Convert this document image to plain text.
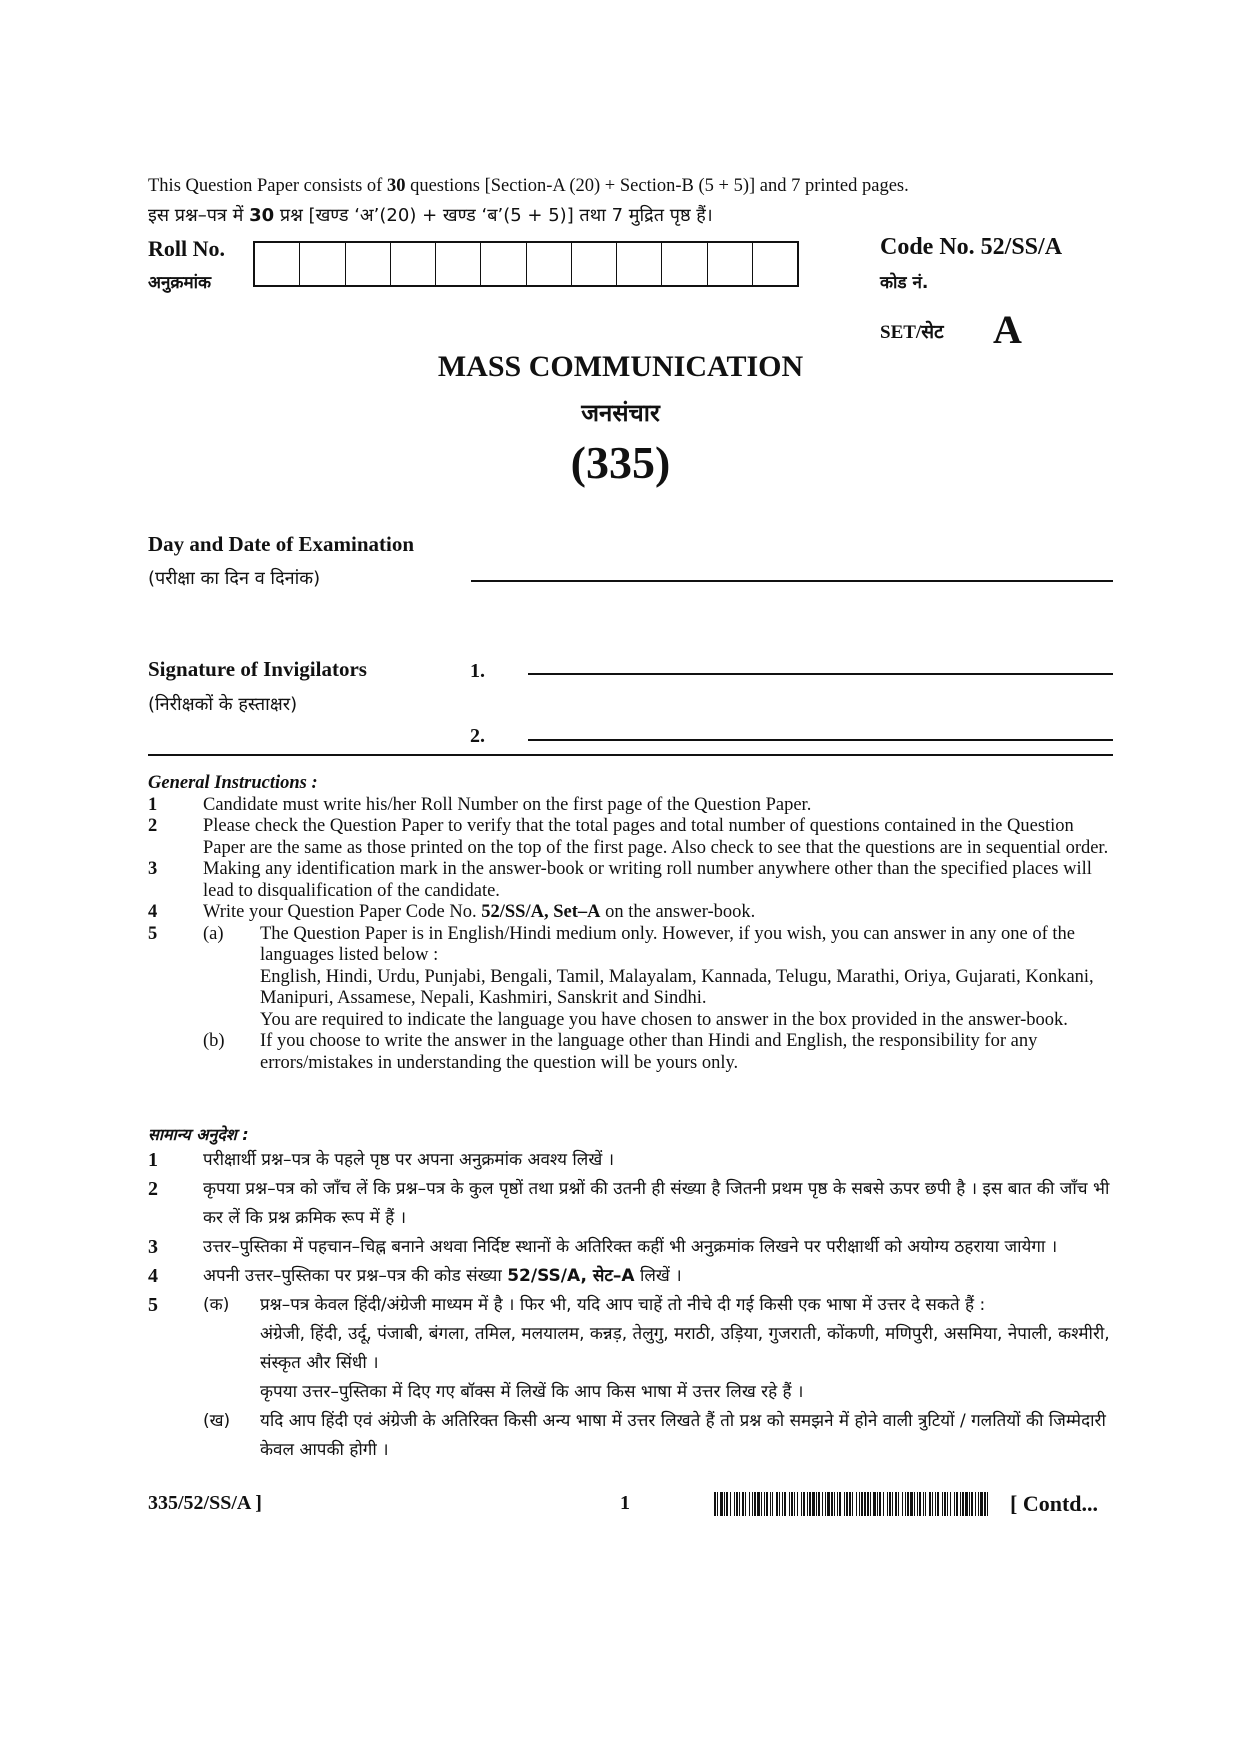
This Question Paper consists of 30 questions [Section-A (20) + Section-B (5 + 5)] and 7 printed pages.
इस प्रश्न–पत्र में 30 प्रश्न [खण्ड ‘अ’(20) + खण्ड ‘ब’(5 + 5)] तथा 7 मुद्रित पृष्ठ हैं।
Roll No.
अनुक्रमांक
Code No. 52/SS/A
कोड नं.
SET/सेट A
MASS COMMUNICATION
जनसंचार
(335)
Day and Date of Examination
(परीक्षा का दिन व दिनांक)
Signature of Invigilators
(निरीक्षकों के हस्ताक्षर)
1.
2.
General Instructions :
1	Candidate must write his/her Roll Number on the first page of the Question Paper.
2	Please check the Question Paper to verify that the total pages and total number of questions contained in the Question Paper are the same as those printed on the top of the first page. Also check to see that the questions are in sequential order.
3	Making any identification mark in the answer-book or writing roll number anywhere other than the specified places will lead to disqualification of the candidate.
4	Write your Question Paper Code No. 52/SS/A, Set–A on the answer-book.
5	(a)	The Question Paper is in English/Hindi medium only. However, if you wish, you can answer in any one of the languages listed below :
English, Hindi, Urdu, Punjabi, Bengali, Tamil, Malayalam, Kannada, Telugu, Marathi, Oriya, Gujarati, Konkani, Manipuri, Assamese, Nepali, Kashmiri, Sanskrit and Sindhi.
You are required to indicate the language you have chosen to answer in the box provided in the answer-book.
(b)	If you choose to write the answer in the language other than Hindi and English, the responsibility for any errors/mistakes in understanding the question will be yours only.
सामान्य अनुदेश :
1	परीक्षार्थी प्रश्न–पत्र के पहले पृष्ठ पर अपना अनुक्रमांक अवश्य लिखें ।
2	कृपया प्रश्न–पत्र को जाँच लें कि प्रश्न–पत्र के कुल पृष्ठों तथा प्रश्नों की उतनी ही संख्या है जितनी प्रथम पृष्ठ के सबसे ऊपर छपी है । इस बात की जाँच भी कर लें कि प्रश्न क्रमिक रूप में हैं ।
3	उत्तर–पुस्तिका में पहचान–चिह्न बनाने अथवा निर्दिष्ट स्थानों के अतिरिक्त कहीं भी अनुक्रमांक लिखने पर परीक्षार्थी को अयोग्य ठहराया जायेगा ।
4	अपनी उत्तर–पुस्तिका पर प्रश्न–पत्र की कोड संख्या 52/SS/A, सेट–A लिखें ।
5	(क)	प्रश्न–पत्र केवल हिंदी/अंग्रेजी माध्यम में है । फिर भी, यदि आप चाहें तो नीचे दी गई किसी एक भाषा में उत्तर दे सकते हैं :
अंग्रेजी, हिंदी, उर्दू, पंजाबी, बंगला, तमिल, मलयालम, कन्नड़, तेलुगु, मराठी, उड़िया, गुजराती, कोंकणी, मणिपुरी, असमिया, नेपाली, कश्मीरी, संस्कृत और सिंधी ।
कृपया उत्तर–पुस्तिका में दिए गए बॉक्स में लिखें कि आप किस भाषा में उत्तर लिख रहे हैं ।
(ख)	यदि आप हिंदी एवं अंग्रेजी के अतिरिक्त किसी अन्य भाषा में उत्तर लिखते हैं तो प्रश्न को समझने में होने वाली त्रुटियों / गलतियों की जिम्मेदारी केवल आपकी होगी ।
335/52/SS/A ]	1	[ Contd...
